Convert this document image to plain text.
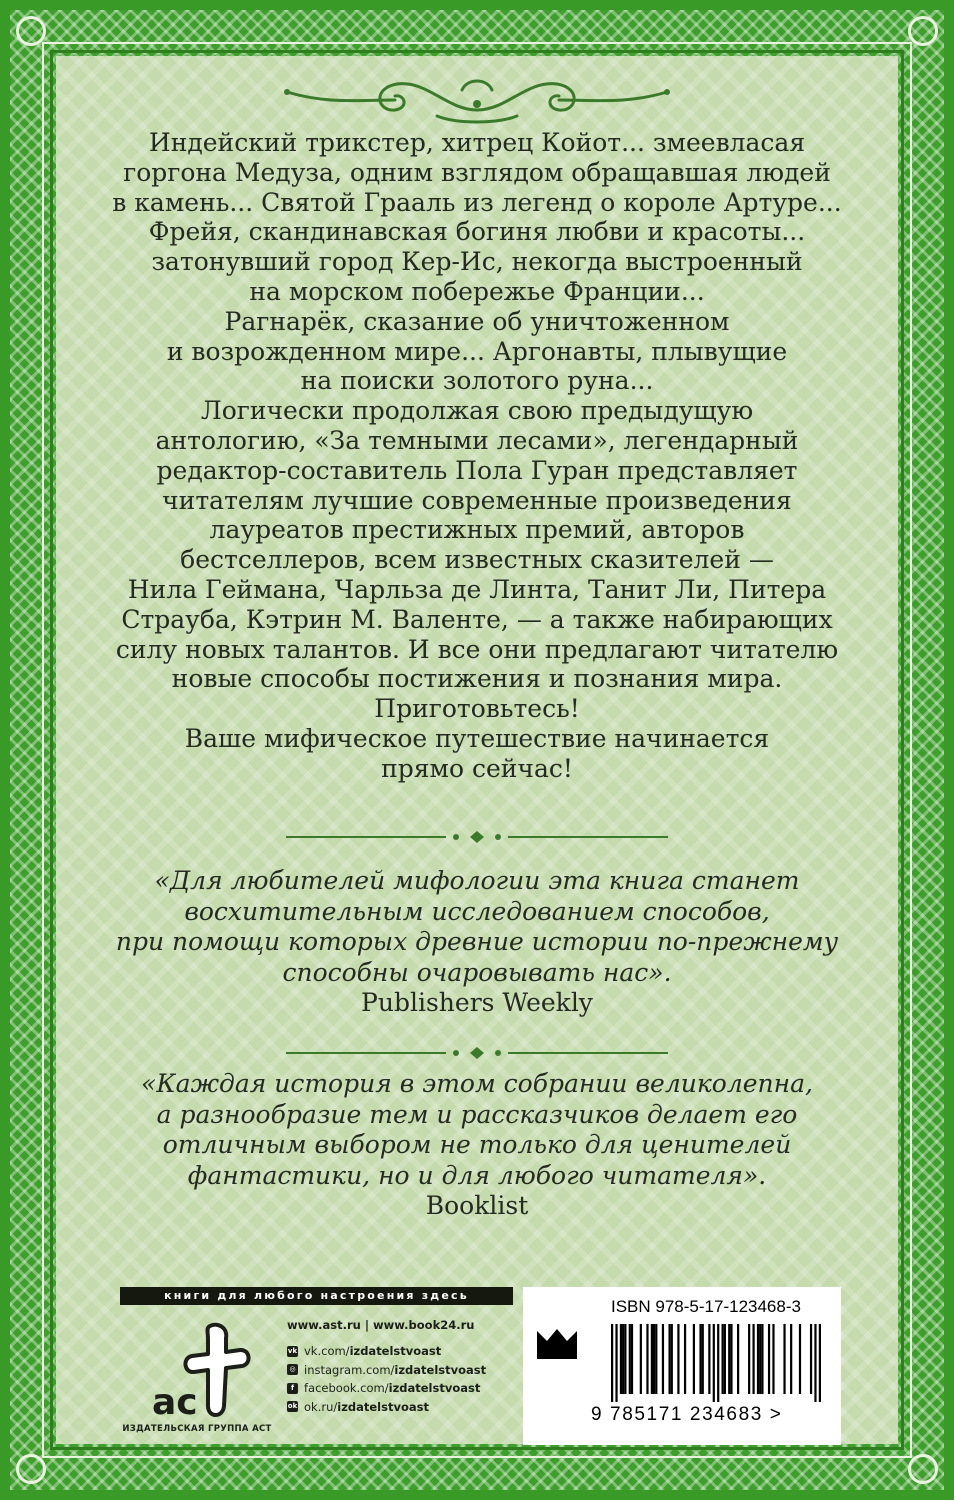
Индейский трикстер, хитрец Койот... змеевласая
горгона Медуза, одним взглядом обращавшая людей
в камень... Святой Грааль из легенд о короле Артуре...
Фрейя, скандинавская богиня любви и красоты...
затонувший город Кер-Ис, некогда выстроенный
на морском побережье Франции...
Рагнарёк, сказание об уничтоженном
и возрожденном мире... Аргонавты, плывущие
на поиски золотого руна...
Логически продолжая свою предыдущую
антологию, «За темными лесами», легендарный
редактор-составитель Пола Гуран представляет
читателям лучшие современные произведения
лауреатов престижных премий, авторов
бестселлеров, всем известных сказителей —
Нила Геймана, Чарльза де Линта, Танит Ли, Питера
Страуба, Кэтрин М. Валенте, — а также набирающих
силу новых талантов. И все они предлагают читателю
новые способы постижения и познания мира.
Приготовьтесь!
Ваше мифическое путешествие начинается
прямо сейчас!

«Для любителей мифологии эта книга станет
восхитительным исследованием способов,
при помощи которых древние истории по-прежнему
способны очаровывать нас».
Publishers Weekly
«Каждая история в этом собрании великолепна,
а разнообразие тем и рассказчиков делает его
отличным выбором не только для ценителей
фантастики, но и для любого читателя».
Booklist
книги для любого настроения здесь
ас
ИЗДАТЕЛЬСКАЯ ГРУППА АСТ
www.ast.ru | www.book24.ru
vk vk.com/izdatelstvoast
◎ instagram.com/izdatelstvoast
f facebook.com/izdatelstvoast
ok ok.ru/izdatelstvoast
ISBN 978-5-17-123468-3
9 785171 234683 >
